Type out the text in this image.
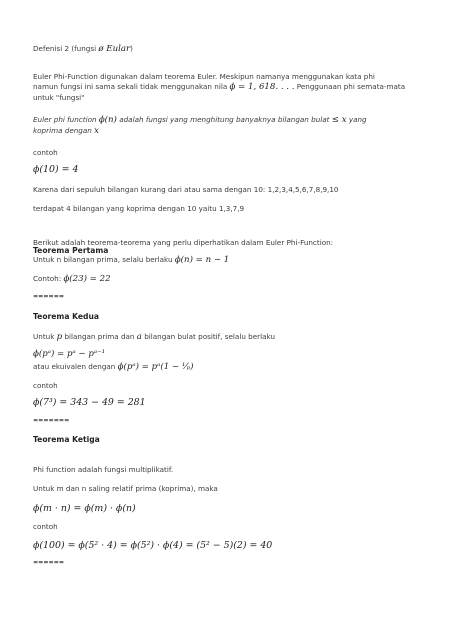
Defenisi 2 (fungsi ø Eular)
Euler Phi-Function digunakan dalam teorema Euler. Meskipun namanya menggunakan kata phi
namun fungsi ini sama sekali tidak menggunakan nila ϕ = 1, 618. . . . Penggunaan phi semata-mata
untuk "fungsi"
Euler phi function ϕ(n) adalah fungsi yang menghitung banyaknya bilangan bulat ≤ x yang
koprima dengan x
contoh
ϕ(10) = 4
Karena dari sepuluh bilangan kurang dari atau sama dengan 10: 1,2,3,4,5,6,7,8,9,10
terdapat 4 bilangan yang koprima dengan 10 yaitu 1,3,7,9
Berikut adalah teorema-teorema yang perlu diperhatikan dalam Euler Phi-Function:
Teorema Pertama
Untuk n bilangan prima, selalu berlaku ϕ(n) = n − 1
Contoh: ϕ(23) = 22
======
Teorema Kedua
Untuk p bilangan prima dan a bilangan bulat positif, selalu berlaku
ϕ(pᵃ) = pᵃ − pᵃ⁻¹
atau ekuivalen dengan ϕ(pᵃ) = pᵃ(1 − ¹⁄ₚ)
contoh
ϕ(7³) = 343 − 49 = 281
=======
Teorema Ketiga
Phi function adalah fungsi multiplikatif.
Untuk m dan n saling relatif prima (koprima), maka
ϕ(m · n) = ϕ(m) · ϕ(n)
contoh
ϕ(100) = ϕ(5² · 4) = ϕ(5²) · ϕ(4) = (5² − 5)(2) = 40
======
